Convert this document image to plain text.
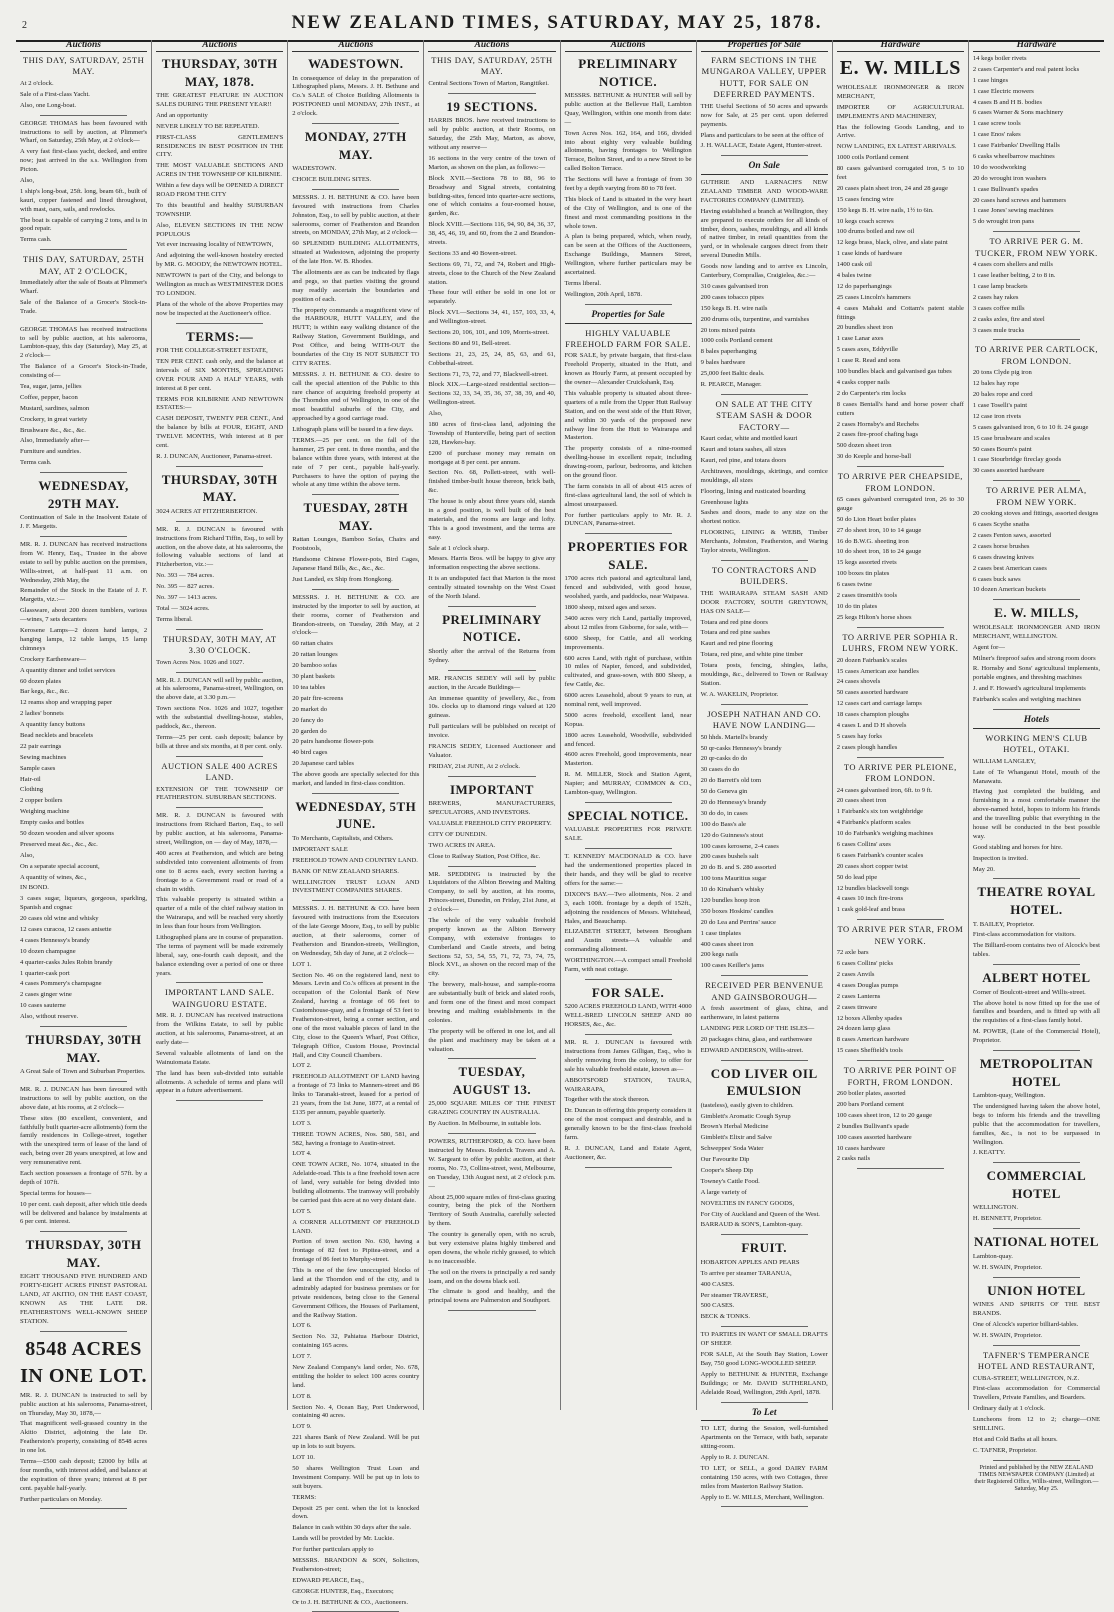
2	NEW ZEALAND TIMES, SATURDAY, MAY 25, 1878.
Auctions
THIS DAY, SATURDAY, 25TH MAY.
At 2 o'clock.
Sale of a First-class Yacht.
Also, one Long-boat.
GEORGE THOMAS has been favoured with instructions to sell by auction, at Plimmer's Wharf, on Saturday, 25th May, at 2 o'clock—
A very fast first-class yacht, decked, and entire now; just arrived in the s.s. Wellington from Picton.
Also,
1 ship's long-boat, 25ft. long, beam 6ft., built of kauri, copper fastened and lined throughout, with mast, oars, sails, and rowlocks.
The boat is capable of carrying 2 tons, and is in good repair.
Terms cash.
THIS DAY, SATURDAY, 25TH MAY, AT 2 O'CLOCK,
Immediately after the sale of Boats at Plimmer's Wharf.
Sale of the Balance of a Grocer's Stock-in-Trade.
GEORGE THOMAS has received instructions to sell by public auction, at his salerooms, Lambton-quay, this day (Saturday), May 25, at 2 o'clock—
The Balance of a Grocer's Stock-in-Trade, consisting of—
Tea, sugar, jams, jellies
Coffee, pepper, bacon
Mustard, sardines, salmon
Crockery, in great variety
Brushware &c., &c., &c.
Also, Immediately after—
Furniture and sundries.
Terms cash.
WEDNESDAY, 29TH MAY.
Continuation of Sale in the Insolvent Estate of J. F. Margetts.
MR. R. J. DUNCAN has received instructions from W. Henry, Esq., Trustee in the above estate to sell by public auction on the premises, Willis-street, at half-past 11 a.m. on Wednesday, 29th May, the
Remainder of the Stock in the Estate of J. F. Margetts, viz.:—
Glassware, about 200 dozen tumblers, various—wines, 7 sets decanters
Kerosene Lamps—2 dozen hand lamps, 2 hanging lamps, 12 table lamps, 15 lamp chimneys
Crockery Earthenware—
A quantity dinner and toilet services
60 dozen plates
Bar kegs, &c., &c.
12 reams shop and wrapping paper
2 ladies' bonnets
A quantity fancy buttons
Bead necklets and bracelets
22 pair earrings
Sewing machines
Sample cases
Hair-oil
Clothing
2 copper boilers
Weighing machine
Empty casks and bottles
50 dozen wooden and silver spoons
Preserved meat &c., &c., &c.
Also,
On a separate special account,
A quantity of wines, &c.,
IN BOND.
3 cases sugar, liqueurs, gorgeous, sparkling, Spanish and cognac
20 cases old wine and whisky
12 cases curacoa, 12 cases anisette
4 cases Hennessy's brandy
10 dozen champagne
4 quarter-casks Jules Robin brandy
1 quarter-cask port
4 cases Pommery's champagne
2 cases ginger wine
10 cases sauterne
Also, without reserve.
THURSDAY, 30TH MAY.
A Great Sale of Town and Suburban Properties.
MR. R. J. DUNCAN has been favoured with instructions to sell by public auction, on the above date, at his rooms, at 2 o'clock—
These sites (80 excellent, convenient, and faithfully built quarter-acre allotments) form the family residences in College-street, together with the unexpired term of lease of the land of each, being over 28 years unexpired, at low and very remunerative rent.
Each section possesses a frontage of 57ft. by a depth of 107ft.
Special terms for houses—
10 per cent. cash deposit, after which title deeds will be delivered and balance by instalments at 6 per cent. interest.
THURSDAY, 30TH MAY.
EIGHT THOUSAND FIVE HUNDRED AND FORTY-EIGHT ACRES FINEST PASTORAL LAND, AT AKITIO, ON THE EAST COAST, KNOWN AS THE LATE DR. FEATHERSTON'S WELL-KNOWN SHEEP STATION.
8548 ACRES IN ONE LOT.
MR. R. J. DUNCAN is instructed to sell by public auction at his salerooms, Panama-street, on Thursday, May 30, 1878,—
That magnificent well-grassed country in the Akitio District, adjoining the late Dr. Featherston's property, consisting of 8548 acres in one lot.
Terms—£500 cash deposit; £2000 by bills at four months, with interest added, and balance at the expiration of three years; interest at 8 per cent. payable half-yearly.
Further particulars on Monday.
Auctions
THURSDAY, 30TH MAY, 1878.
THE GREATEST FEATURE IN AUCTION SALES DURING THE PRESENT YEAR!!
And an opportunity
NEVER LIKELY TO BE REPEATED.
FIRST-CLASS GENTLEMEN'S RESIDENCES IN BEST POSITION IN THE CITY.
THE MOST VALUABLE SECTIONS AND ACRES IN THE TOWNSHIP OF KILBIRNIE.
Within a few days will be OPENED A DIRECT ROAD FROM THE CITY
To this beautiful and healthy SUBURBAN TOWNSHIP.
Also, ELEVEN SECTIONS IN THE NOW POPULOUS
Yet ever increasing locality of NEWTOWN,
And adjoining the well-known hostelry erected by MR. G. MOODY, the NEWTOWN HOTEL.
NEWTOWN is part of the City, and belongs to Wellington as much as WESTMINSTER DOES TO LONDON.
Plans of the whole of the above Properties may now be inspected at the Auctioneer's office.
TERMS:—
FOR THE COLLEGE-STREET ESTATE,
TEN PER CENT. cash only, and the balance at intervals of SIX MONTHS, SPREADING OVER FOUR AND A HALF YEARS, with interest at 8 per cent.
TERMS FOR KILBIRNIE AND NEWTOWN ESTATES:—
CASH DEPOSIT, TWENTY PER CENT., And the balance by bills at FOUR, EIGHT, AND TWELVE MONTHS, With interest at 8 per cent.
R. J. DUNCAN, Auctioneer, Panama-street.
THURSDAY, 30TH MAY.
3024 ACRES AT FITZHERBERTON.
MR. R. J. DUNCAN is favoured with instructions from Richard Tiffin, Esq., to sell by auction, on the above date, at his salerooms, the following valuable sections of land at Fitzherberton, viz.:—
No. 393 — 784 acres.
No. 395 — 827 acres.
No. 397 — 1413 acres.
Total — 3024 acres.
Terms liberal.
THURSDAY, 30TH MAY, AT 3.30 O'CLOCK.
Town Acres Nos. 1026 and 1027.
MR. R. J. DUNCAN will sell by public auction, at his salerooms, Panama-street, Wellington, on the above date, at 3.30 p.m.—
Town sections Nos. 1026 and 1027, together with the substantial dwelling-house, stables, paddock, &c., thereon.
Terms—25 per cent. cash deposit; balance by bills at three and six months, at 8 per cent. only.
AUCTION SALE 400 ACRES LAND.
EXTENSION OF THE TOWNSHIP OF FEATHERSTON. SUBURBAN SECTIONS.
MR. R. J. DUNCAN is favoured with instructions from Richard Barton, Esq., to sell by public auction, at his salerooms, Panama-street, Wellington, on — day of May, 1878,—
400 acres at Featherston, and which are being subdivided into convenient allotments of from one to 8 acres each, every section having a frontage to a Government road or road of a chain in width.
This valuable property is situated within a quarter of a mile of the chief railway station in the Wairarapa, and will be reached very shortly in less than four hours from Wellington.
Lithographed plans are in course of preparation. The terms of payment will be made extremely liberal, say, one-fourth cash deposit, and the balance extending over a period of one or three years.
IMPORTANT LAND SALE. WAINGUORU ESTATE.
MR. R. J. DUNCAN has received instructions from the Wilkins Estate, to sell by public auction, at his salerooms, Panama-street, at an early date—
Several valuable allotments of land on the Wainuiomata Estate.
The land has been sub-divided into suitable allotments. A schedule of terms and plans will appear in a future advertisement.
Auctions
WADESTOWN.
In consequence of delay in the preparation of Lithographed plans, Messrs. J. H. Bethune and Co.'s SALE of Choice Building Allotments is POSTPONED until MONDAY, 27th INST., at 2 o'clock.
MONDAY, 27TH MAY.
WADESTOWN.
CHOICE BUILDING SITES.
MESSRS. J. H. BETHUNE & CO. have been favoured with instructions from Charles Johnston, Esq., to sell by public auction, at their salerooms, corner of Featherston and Brandon streets, on MONDAY, 27th May, at 2 o'clock—
60 SPLENDID BUILDING ALLOTMENTS, situated at Wadestown, adjoining the property of the late Hon. W. B. Rhodes.
The allotments are as can be indicated by flags and pegs, so that parties visiting the ground may readily ascertain the boundaries and position of each.
The property commands a magnificent view of the HARBOUR, HUTT VALLEY, and the HUTT; is within easy walking distance of the Railway Station, Government Buildings, and Post Office, and being WITH-OUT the boundaries of the City IS NOT SUBJECT TO CITY RATES.
MESSRS. J. H. BETHUNE & CO. desire to call the special attention of the Public to this rare chance of acquiring freehold property at the Thorndon end of Wellington, in one of the most beautiful suburbs of the City, and approached by a good carriage road.
Lithograph plans will be issued in a few days.
TERMS.—25 per cent. on the fall of the hammer, 25 per cent. in three months, and the balance within three years, with interest at the rate of 7 per cent., payable half-yearly. Purchasers to have the option of paying the whole at any time within the above term.
TUESDAY, 28TH MAY.
Rattan Lounges, Bamboo Sofas, Chairs and Footstools,
Handsome Chinese Flower-pots, Bird Cages, Japanese Hand Bills, &c., &c., &c.
Just Landed, ex Ship from Hongkong.
MESSRS. J. H. BETHUNE & CO. are instructed by the importer to sell by auction, at their rooms, corner of Featherston and Brandon-streets, on Tuesday, 28th May, at 2 o'clock—
60 rattan chairs
20 rattan lounges
20 bamboo sofas
30 plant baskets
10 tea tables
20 pair fire-screens
20 market do
20 fancy do
20 garden do
20 pairs handsome flower-pots
40 bird cages
20 Japanese card tables
The above goods are specially selected for this market, and landed in first-class condition.
WEDNESDAY, 5TH JUNE.
To Merchants, Capitalists, and Others.
IMPORTANT SALE
FREEHOLD TOWN AND COUNTRY LAND.
BANK OF NEW ZEALAND SHARES.
WELLINGTON TRUST LOAN AND INVESTMENT COMPANIES SHARES.
MESSRS. J. H. BETHUNE & CO. have been favoured with instructions from the Executors of the late George Moore, Esq., to sell by public auction, at their salerooms, corner of Featherston and Brandon-streets, Wellington, on Wednesday, 5th day of June, at 2 o'clock—
LOT 1.
Section No. 46 on the registered land, next to Messrs. Levin and Co.'s offices at present in the occupation of the Colonial Bank of New Zealand, having a frontage of 66 feet to Customhouse-quay, and a frontage of 53 feet to Featherston-street, being a corner section, and one of the most valuable pieces of land in the City, close to the Queen's Wharf, Post Office, Telegraph Office, Custom House, Provincial Hall, and City Council Chambers.
LOT 2.
FREEHOLD ALLOTMENT OF LAND having a frontage of 73 links to Manners-street and 86 links to Taranaki-street, leased for a period of 21 years, from the 1st June, 1877, at a rental of £135 per annum, payable quarterly.
LOT 3.
THREE TOWN ACRES, Nos. 580, 581, and 582, having a frontage to Austin-street.
LOT 4.
ONE TOWN ACRE, No. 1074, situated in the Adelaide-road. This is a fine freehold town acre of land, very suitable for being divided into building allotments. The tramway will probably be carried past this acre at no very distant date.
LOT 5.
A CORNER ALLOTMENT OF FREEHOLD LAND.
Portion of town section No. 630, having a frontage of 82 feet to Pipitea-street, and a frontage of 86 feet to Murphy-street.
This is one of the few unoccupied blocks of land at the Thorndon end of the city, and is admirably adapted for business premises or for private residences, being close to the General Government Offices, the Houses of Parliament, and the Railway Station.
LOT 6.
Section No. 32, Pahiatua Harbour District, containing 165 acres.
LOT 7.
New Zealand Company's land order, No. 678, entitling the holder to select 100 acres country land.
LOT 8.
Section No. 4, Ocean Bay, Port Underwood, containing 40 acres.
LOT 9.
221 shares Bank of New Zealand. Will be put up in lots to suit buyers.
LOT 10.
50 shares Wellington Trust Loan and Investment Company. Will be put up in lots to suit buyers.
TERMS:
Deposit 25 per cent. when the lot is knocked down.
Balance in cash within 30 days after the sale.
Lands will be provided by Mr. Luckie.
For further particulars apply to
MESSRS. BRANDON & SON, Solicitors, Featherston-street;
EDWARD PEARCE, Esq.,
GEORGE HUNTER, Esq., Executors;
Or to J. H. BETHUNE & CO., Auctioneers.
Auctions
THIS DAY, SATURDAY, 25TH MAY.
Central Sections Town of Marton, Rangitikei.
19 SECTIONS.
HARRIS BROS. have received instructions to sell by public auction, at their Rooms, on Saturday, the 25th May, Marton, as above, without any reserve—
16 sections in the very centre of the town of Marton, as shown on the plan, as follows:—
Block XVII.—Sections 78 to 88, 96 to Broadway and Signal streets, containing building-sites, fenced into quarter-acre sections, one of which contains a four-roomed house, garden, &c.
Block XVIII.—Sections 116, 94, 90, 84, 36, 37, 38, 45, 46, 19, and 60, from the 2 and Brandon-streets.
Sections 33 and 40 Bowen-street.
Sections 69, 71, 72, and 74, Robert and High-streets, close to the Church of the New Zealand station.
These four will either be sold in one lot or separately.
Block XVI.—Sections 34, 41, 157, 103, 33, 4, and Wellington-street.
Sections 20, 106, 101, and 109, Morris-street.
Sections 80 and 91, Bell-street.
Sections 21, 23, 25, 24, 85, 63, and 61, Cobbethal-street.
Sections 71, 73, 72, and 77, Blackwell-street.
Block XIX.—Large-sized residential section—Sections 32, 33, 34, 35, 36, 37, 38, 39, and 40, Wellington-street.
Also,
180 acres of first-class land, adjoining the Township of Hunterville, being part of section 128, Hawkes-bay.
£200 of purchase money may remain on mortgage at 8 per cent. per annum.
Section No. 68, Pollett-street, with well-finished timber-built house thereon, brick bath, &c.
The house is only about three years old, stands in a good position, is well built of the best materials, and the rooms are large and lofty. This is a good investment, and the terms are easy.
Sale at 1 o'clock sharp.
Messrs. Harris Bros. will be happy to give any information respecting the above sections.
It is an undisputed fact that Marton is the most centrally situated township on the West Coast of the North Island.
PRELIMINARY NOTICE.
Shortly after the arrival of the Returns from Sydney.
MR. FRANCIS SEDEY will sell by public auction, in the Arcade Buildings—
An immense quantity of jewellery, &c., from 10s. clocks up to diamond rings valued at 120 guineas.
Full particulars will be published on receipt of invoice.
FRANCIS SEDEY, Licensed Auctioneer and Valuator.
FRIDAY, 21st JUNE, At 2 o'clock.
IMPORTANT
BREWERS, MANUFACTURERS, SPECULATORS, AND INVESTORS.
VALUABLE FREEHOLD CITY PROPERTY.
CITY OF DUNEDIN.
TWO ACRES IN AREA.
Close to Railway Station, Post Office, &c.
MR. SPEDDING is instructed by the Liquidators of the Albion Brewing and Malting Company, to sell by auction, at his rooms, Princes-street, Dunedin, on Friday, 21st June, at 2 o'clock—
The whole of the very valuable freehold property known as the Albion Brewery Company, with extensive frontages to Cumberland and Castle streets, and being Sections 52, 53, 54, 55, 71, 72, 73, 74, 75, Block XVI., as shown on the record map of the city.
The brewery, malt-house, and sample-rooms are substantially built of brick and slated roofs, and form one of the finest and most compact brewing and malting establishments in the colonies.
The property will be offered in one lot, and all the plant and machinery may be taken at a valuation.
TUESDAY, AUGUST 13.
25,000 SQUARE MILES OF THE FINEST GRAZING COUNTRY IN AUSTRALIA.
By Auction. In Melbourne, in suitable lots.
POWERS, RUTHERFORD, & CO. have been instructed by Messrs. Roderick Travers and A. W. Sargeant to offer by public auction, at their rooms, No. 73, Collins-street, west, Melbourne, on Tuesday, 13th August next, at 2 o'clock p.m.—
About 25,000 square miles of first-class grazing country, being the pick of the Northern Territory of South Australia, carefully selected by them.
The country is generally open, with no scrub, but very extensive plains highly timbered and open downs, the whole richly grassed, to which is no inaccessible.
The soil on the rivers is principally a red sandy loam, and on the downs black soil.
The climate is good and healthy, and the principal towns are Palmerston and Southport.
Auctions
PRELIMINARY NOTICE.
MESSRS. BETHUNE & HUNTER will sell by public auction at the Bellevue Hall, Lambton Quay, Wellington, within one month from date:—
Town Acres Nos. 162, 164, and 166, divided into about eighty very valuable building allotments, having frontages to Wellington Terrace, Bolton Street, and to a new Street to be called Bolton Terrace.
The Sections will have a frontage of from 30 feet by a depth varying from 80 to 78 feet.
This block of Land is situated in the very heart of the City of Wellington, and is one of the finest and most commanding positions in the whole town.
A plan is being prepared, which, when ready, can be seen at the Offices of the Auctioneers, Exchange Buildings, Manners Street, Wellington, where further particulars may be ascertained.
Terms liberal.
Wellington, 20th April, 1878.
Properties for Sale
HIGHLY VALUABLE FREEHOLD FARM FOR SALE.
FOR SALE, by private bargain, that first-class Freehold Property, situated in the Hutt, and known as Hourly Farm, at present occupied by the owner—Alexander Cruickshank, Esq.
This valuable property is situated about three-quarters of a mile from the Upper Hutt Railway Station, and on the west side of the Hutt River, and within 30 yards of the proposed new railway line from the Hutt to Wairarapa and Masterton.
The property consists of a nine-roomed dwelling-house in excellent repair, including drawing-room, parlour, bedrooms, and kitchen on the ground floor.
The farm consists in all of about 415 acres of first-class agricultural land, the soil of which is almost unsurpassed.
For further particulars apply to Mr. R. J. DUNCAN, Panama-street.
PROPERTIES FOR SALE.
1700 acres rich pastoral and agricultural land, fenced and subdivided, with good house, woolshed, yards, and paddocks, near Waipawa.
1800 sheep, mixed ages and sexes.
3400 acres very rich Land, partially improved, about 12 miles from Gisborne, for sale, with—
6000 Sheep, for Cattle, and all working improvements.
600 acres Land, with right of purchase, within 10 miles of Napier, fenced, and subdivided, cultivated, and grass-sown, with 800 Sheep, a few Cattle, &c.
6000 acres Leasehold, about 9 years to run, at nominal rent, well improved.
5000 acres freehold, excellent land, near Kopua.
1800 acres Leasehold, Woodville, subdivided and fenced.
4600 acres Freehold, good improvements, near Masterton.
R. M. MILLER, Stock and Station Agent, Napier; and MURRAY, COMMON & CO., Lambton-quay, Wellington.
SPECIAL NOTICE.
VALUABLE PROPERTIES FOR PRIVATE SALE.
T. KENNEDY MACDONALD & CO. have had the undermentioned properties placed in their hands, and they will be glad to receive offers for the same:—
DIXON'S BAY.—Two allotments, Nos. 2 and 3, each 100ft. frontage by a depth of 152ft., adjoining the residences of Messrs. Whitehead, Hales, and Beauchamp.
ELIZABETH STREET, between Brougham and Austin streets—A valuable and commanding allotment.
WORTHINGTON.—A compact small Freehold Farm, with neat cottage.
FOR SALE.
5200 ACRES FREEHOLD LAND, WITH 4000 WELL-BRED LINCOLN SHEEP AND 80 HORSES, &c., &c.
MR. R. J. DUNCAN is favoured with instructions from James Gilligan, Esq., who is shortly removing from the colony, to offer for sale his valuable freehold estate, known as—
ABBOTSFORD STATION, TAURA, WAIRARAPA,
Together with the stock thereon.
Dr. Duncan in offering this property considers it one of the most compact and desirable, and is generally known to be the first-class freehold farm.
R. J. DUNCAN, Land and Estate Agent, Auctioneer, &c.
Properties for Sale
FARM SECTIONS IN THE MUNGAROA VALLEY, UPPER HUTT, FOR SALE ON DEFERRED PAYMENTS.
THE Useful Sections of 50 acres and upwards now for Sale, at 25 per cent. upon deferred payments.
Plans and particulars to be seen at the office of
J. H. WALLACE, Estate Agent, Hunter-street.
On Sale
GUTHRIE AND LARNACH'S NEW ZEALAND TIMBER AND WOOD-WARE FACTORIES COMPANY (LIMITED).
Having established a branch at Wellington, they are prepared to execute orders for all kinds of timber, doors, sashes, mouldings, and all kinds of native timber, in retail quantities from the yard, or in wholesale cargoes direct from their several Dunedin Mills.
Goods now landing and to arrive ex Lincoln, Canterbury, Comprallas, Craigielea, &c.:—
310 cases galvanised iron
200 cases tobacco pipes
150 kegs B. H. wire nails
200 drums oils, turpentine, and varnishes
20 tons mixed paints
1000 coils Portland cement
8 bales paperhanging
9 bales hardware
25,000 feet Baltic deals.
R. PEARCE, Manager.
ON SALE AT THE CITY STEAM SASH & DOOR FACTORY—
Kauri cedar, white and mottled kauri
Kauri and totara sashes, all sizes
Kauri, red pine, and totara doors
Architraves, mouldings, skirtings, and cornice mouldings, all sizes
Flooring, lining and rusticated boarding
Greenhouse lights
Sashes and doors, made to any size on the shortest notice.
FLOORING, LINING & WEBB, Timber Merchants, Johnston, Featherston, and Waring Taylor streets, Wellington.
TO CONTRACTORS AND BUILDERS.
THE WAIRARAPA STEAM SASH AND DOOR FACTORY, SOUTH GREYTOWN, HAS ON SALE—
Totara and red pine doors
Totara and red pine sashes
Kauri and red pine flooring
Totara, red pine, and white pine timber
Totara posts, fencing, shingles, laths, mouldings, &c., delivered to Town or Railway Station.
W. A. WAKELIN, Proprietor.
JOSEPH NATHAN AND CO. HAVE NOW LANDING—
50 hhds. Martell's brandy
50 qr-casks Hennessy's brandy
20 qr-casks do do
30 cases do do
20 do Barrett's old tom
50 do Geneva gin
20 do Hennessy's brandy
30 do do, in cases
100 do Bass's ale
120 do Guinness's stout
100 cases kerosene, 2-4 cases
200 cases bushels salt
20 do B. and S. 280 assorted
100 tons Mauritius sugar
10 do Kinahan's whisky
120 bundles hoop iron
350 boxes Hoskins' candles
20 do Lea and Perrins' sauce
1 case tinplates
400 cases sheet iron
200 kegs nails
100 cases Keiller's jams
RECEIVED PER BENVENUE AND GAINSBOROUGH—
A fresh assortment of glass, china, and earthenware, in latest patterns
LANDING PER LORD OF THE ISLES—
20 packages china, glass, and earthenware
EDWARD ANDERSON, Willis-street.
COD LIVER OIL EMULSION
(tasteless), easily given to children.
Gimblett's Aromatic Cough Syrup
Brown's Herbal Medicine
Gimblett's Elixir and Salve
Schweppes' Soda Water
Our Favourite Dip
Cooper's Sheep Dip
Towney's Cattle Food.
A large variety of
NOVELTIES IN FANCY GOODS,
For City of Auckland and Queen of the West.
BARRAUD & SON'S, Lambton-quay.
FRUIT.
HOBARTON APPLES AND PEARS
To arrive per steamer TARANUA,
400 CASES.
Per steamer TRAVERSE,
500 CASES.
BECK & TONKS.
TO PARTIES IN WANT OF SMALL DRAFTS OF SHEEP.
FOR SALE, At the South Bay Station, Lower Bay, 750 good LONG-WOOLLED SHEEP.
Apply to BETHUNE & HUNTER, Exchange Buildings; or Mr. DAVID SUTHERLAND, Adelaide Road, Wellington, 29th April, 1878.
To Let
TO LET, during the Session, well-furnished Apartments on the Terrace, with bath, separate sitting-room.
Apply to R. J. DUNCAN.
TO LET, or SELL, a good DAIRY FARM containing 150 acres, with two Cottages, three miles from Masterton Railway Station.
Apply to E. W. MILLS, Merchant, Wellington.
Hardware
E. W. MILLS
WHOLESALE IRONMONGER & IRON MERCHANT,
IMPORTER OF AGRICULTURAL IMPLEMENTS AND MACHINERY,
Has the following Goods Landing, and to Arrive.
NOW LANDING, EX LATEST ARRIVALS.
1000 coils Portland cement
80 cases galvanised corrugated iron, 5 to 10 feet
20 cases plain sheet iron, 24 and 28 gauge
15 cases fencing wire
150 kegs B. H. wire nails, 1½ to 6in.
10 kegs coach screws
100 drums boiled and raw oil
12 kegs brass, black, olive, and slate paint
1 case kinds of hardware
1400 cask oil
4 bales twine
12 do paperhangings
25 cases Lincoln's hammers
4 cases Mahaki and Cottam's patent stable fittings
20 bundles sheet iron
1 case Lanar axes
5 cases axes, Eddyville
1 case R. Read and sons
100 bundles black and galvanised gas tubes
4 casks copper nails
2 do Carpenter's rim locks
8 cases Bentall's hand and horse power chaff cutters
2 cases Hornsby's and Rechebs
2 cases fire-proof chafing bags
500 dozen sheet iron
30 do Keeple and horse-ball
TO ARRIVE PER CHEAPSIDE, FROM LONDON.
65 cases galvanised corrugated iron, 26 to 30 gauge
50 do Lion Heart boiler plates
27 do sheet iron, 10 to 14 gauge
16 do B.W.G. sheeting iron
10 do sheet iron, 18 to 24 gauge
15 kegs assorted rivets
100 boxes tin plates
6 cases twine
2 cases tinsmith's tools
10 do tin plates
25 kegs Hilton's horse shoes
TO ARRIVE PER SOPHIA R. LUHRS, FROM NEW YORK.
20 dozen Fairbank's scales
15 cases American axe handles
24 cases shovels
50 cases assorted hardware
12 cases cart and carriage lamps
18 cases champion ploughs
4 cases L and D H shovels
5 cases hay forks
2 cases plough handles
TO ARRIVE PER PLEIONE, FROM LONDON.
24 cases galvanised iron, 6ft. to 9 ft.
20 cases sheet iron
1 Fairbank's six ton weighbridge
4 Fairbank's platform scales
10 do Fairbank's weighing machines
6 cases Collins' axes
6 cases Fairbank's counter scales
20 cases short copper twist
50 do lead pipe
12 bundles blackwell tongs
4 cases 10 inch fire-irons
1 cask gold-leaf and brass
TO ARRIVE PER STAR, FROM NEW YORK.
72 axle bars
6 cases Collins' picks
2 cases Anvils
4 cases Douglas pumps
2 cases Lanterns
2 cases tinware
12 boxes Allenby spades
24 dozen lamp glass
8 cases American hardware
15 cases Sheffield's tools
TO ARRIVE PER POINT OF FORTH, FROM LONDON.
260 boiler plates, assorted
200 bars Portland cement
100 cases sheet iron, 12 to 20 gauge
2 bundles Bullivant's spade
100 cases assorted hardware
10 cases hardware
2 casks nails
Hardware
14 kegs boiler rivets
2 cases Carpenter's and real patent locks
1 case hinges
1 case Electric mowers
4 cases B and H B. bodies
6 cases Warner & Sons machinery
1 case screw tools
1 case Enos' rakes
1 case Fairbanks' Dwelling Halls
6 casks wheelbarrow machines
10 do woodworking
20 do wrought iron washers
1 case Bullivant's spades
20 cases hand screws and hammers
1 case Jones' sewing machines
5 do wrought iron pans
TO ARRIVE PER G. M. TUCKER, FROM NEW YORK.
4 cases corn shellers and mills
1 case leather belting, 2 to 8 in.
1 case lamp brackets
2 cases hay rakes
3 cases coffee mills
2 casks axles, fire and steel
3 cases mule trucks
TO ARRIVE PER CARTLOCK, FROM LONDON.
20 tons Clyde pig iron
12 bales hay rope
20 bales rope and cord
1 case Toselli's paint
12 case iron rivets
5 cases galvanised iron, 6 to 10 ft. 24 gauge
15 case brushware and scales
50 cases Bourn's paint
1 case Stourbridge fireclay goods
30 cases assorted hardware
TO ARRIVE PER ALMA, FROM NEW YORK.
20 cooking stoves and fittings, assorted designs
6 cases Scythe snaths
2 cases Fenton saws, assorted
2 cases horse brushes
6 cases drawing knives
2 cases best American cases
6 cases buck saws
10 dozen American buckets
E. W. MILLS,
WHOLESALE IRONMONGER AND IRON MERCHANT, WELLINGTON.
Agent for—
Milner's fireproof safes and strong room doors
R. Hornsby and Sons' agricultural implements, portable engines, and threshing machines
J. and F. Howard's agricultural implements
Fairbank's scales and weighing machines
Hotels
WORKING MEN'S CLUB HOTEL, OTAKI.
WILLIAM LANGLEY,
Late of Te Whanganui Hotel, mouth of the Manawatu.
Having just completed the building, and furnishing in a most comfortable manner the above-named hotel, hopes to inform his friends and the travelling public that everything in the house will be conducted in the best possible way.
Good stabling and horses for hire.
Inspection is invited.
May 20.
THEATRE ROYAL HOTEL.
T. BAILEY, Proprietor.
First-class accommodation for visitors.
The Billiard-room contains two of Alcock's best tables.
ALBERT HOTEL
Corner of Boulcott-street and Willis-street.
The above hotel is now fitted up for the use of families and boarders, and is fitted up with all the requisites of a first-class family hotel.
M. POWER, (Late of the Commercial Hotel), Proprietor.
METROPOLITAN HOTEL
Lambton-quay, Wellington.
The undersigned having taken the above hotel, begs to inform his friends and the travelling public that the accommodation for travellers, families, &c., is not to be surpassed in Wellington.
J. KEATTY.
COMMERCIAL HOTEL
WELLINGTON.
H. BENNETT, Proprietor.
NATIONAL HOTEL
Lambton-quay.
W. H. SWAIN, Proprietor.
UNION HOTEL
WINES AND SPIRITS OF THE BEST BRANDS.
One of Alcock's superior billiard-tables.
W. H. SWAIN, Proprietor.
TAFNER'S TEMPERANCE HOTEL AND RESTAURANT,
CUBA-STREET, WELLINGTON, N.Z.
First-class accommodation for Commercial Travellers, Private Families, and Boarders.
Ordinary daily at 1 o'clock.
Luncheons from 12 to 2; charge—ONE SHILLING.
Hot and Cold Baths at all hours.
C. TAFNER, Proprietor.
Printed and published by the NEW ZEALAND TIMES NEWSPAPER COMPANY (Limited) at their Registered Office, Willis-street, Wellington.—Saturday, May 25.
